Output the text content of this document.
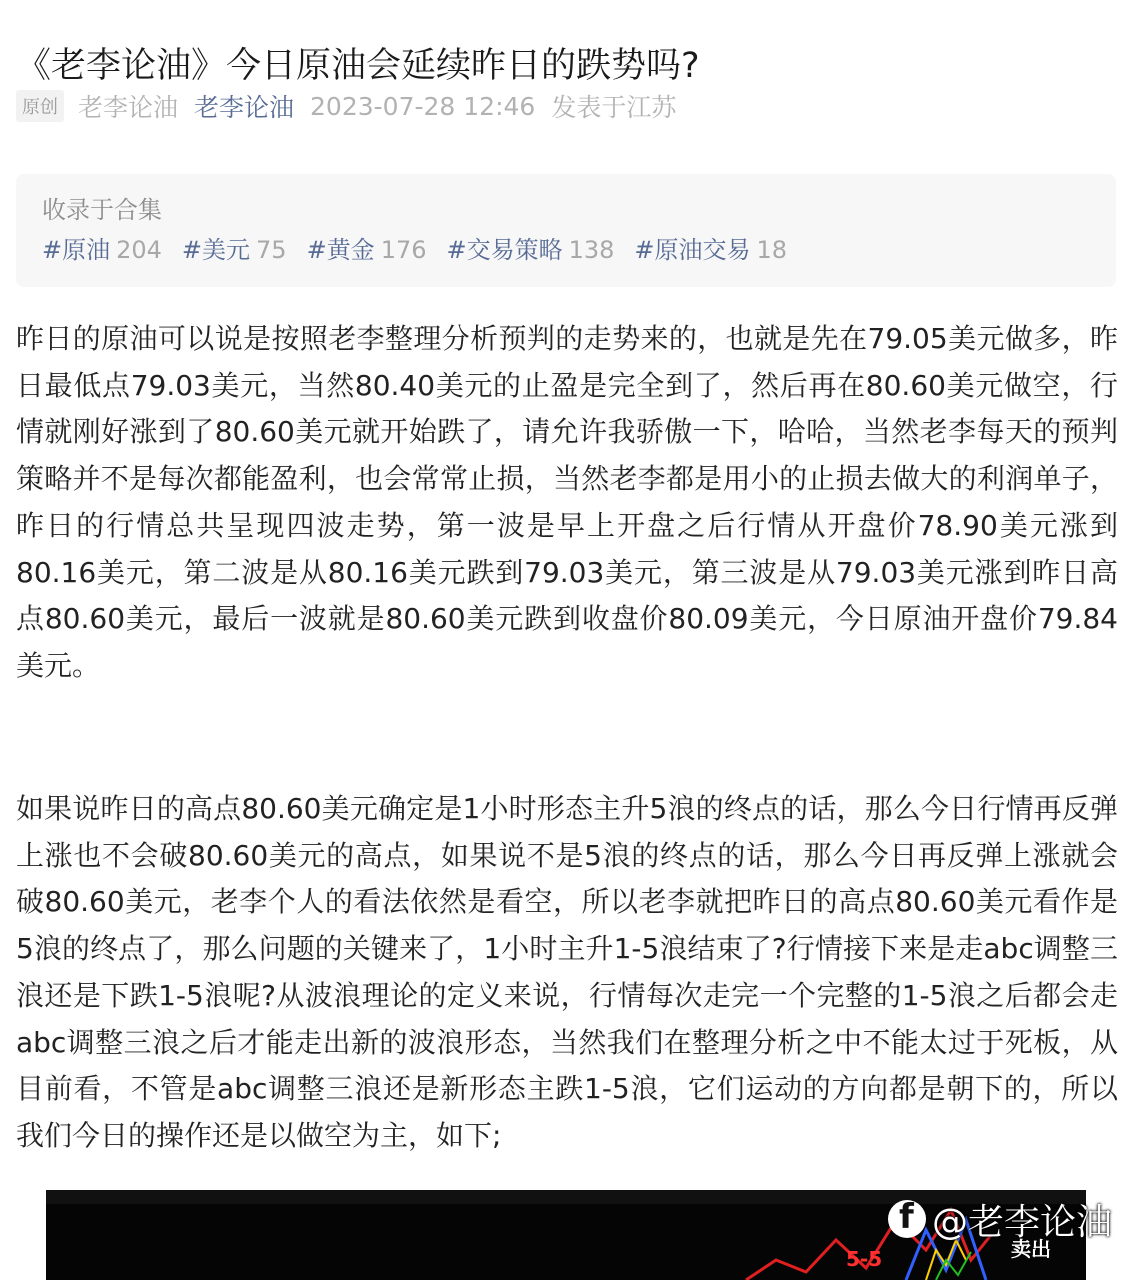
《老李论油》今日原油会延续昨日的跌势吗?
原创 老李论油 老李论油 2023-07-28 12:46 发表于江苏
收录于合集
#原油 204 #美元 75 #黄金 176 #交易策略 138 #原油交易 18

昨日的原油可以说是按照老李整理分析预判的走势来的，也就是先在79.05美元做多，昨日最低点79.03美元，当然80.40美元的止盈是完全到了，然后再在80.60美元做空，行情就刚好涨到了80.60美元就开始跌了，请允许我骄傲一下，哈哈，当然老李每天的预判策略并不是每次都能盈利，也会常常止损，当然老李都是用小的止损去做大的利润单子，昨日的行情总共呈现四波走势，第一波是早上开盘之后行情从开盘价78.90美元涨到80.16美元，第二波是从80.16美元跌到79.03美元，第三波是从79.03美元涨到昨日高点80.60美元，最后一波就是80.60美元跌到收盘价80.09美元，今日原油开盘价79.84美元。

如果说昨日的高点80.60美元确定是1小时形态主升5浪的终点的话，那么今日行情再反弹上涨也不会破80.60美元的高点，如果说不是5浪的终点的话，那么今日再反弹上涨就会破80.60美元，老李个人的看法依然是看空，所以老李就把昨日的高点80.60美元看作是5浪的终点了，那么问题的关键来了，1小时主升1-5浪结束了?行情接下来是走abc调整三浪还是下跌1-5浪呢?从波浪理论的定义来说，行情每次走完一个完整的1-5浪之后都会走abc调整三浪之后才能走出新的波浪形态，当然我们在整理分析之中不能太过于死板，从目前看，不管是abc调整三浪还是新形态主跌1-5浪，它们运动的方向都是朝下的，所以我们今日的操作还是以做空为主，如下;

5-5	卖出
f
@老李论油
